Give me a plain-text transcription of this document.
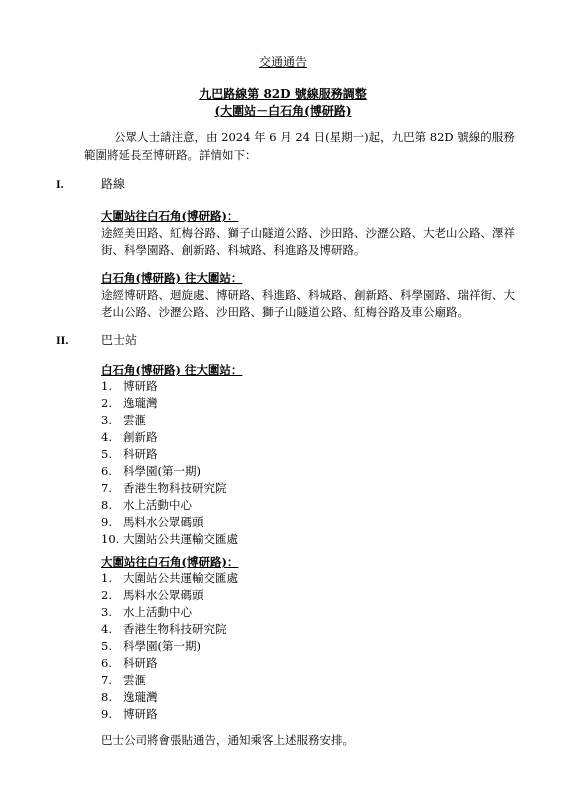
交通通告
九巴路線第 82D 號線服務調整
(大圍站－白石角(博研路)
公眾人士請注意，由 2024 年 6 月 24 日(星期一)起，九巴第 82D 號線的服務範圍將延長至博研路。詳情如下：
I.	路線
大圍站往白石角(博研路)：
途經美田路、紅梅谷路、獅子山隧道公路、沙田路、沙瀝公路、大老山公路、澤祥街、科學園路、創新路、科城路、科進路及博研路。
白石角(博研路) 往大圍站：
途經博研路、迴旋處、博研路、科進路、科城路、創新路、科學園路、瑞祥街、大老山公路、沙瀝公路、沙田路、獅子山隧道公路、紅梅谷路及車公廟路。
II.	巴士站
白石角(博研路) 往大圍站：
1. 博研路
2. 逸瓏灣
3. 雲滙
4. 創新路
5. 科研路
6. 科學園(第一期)
7. 香港生物科技研究院
8. 水上活動中心
9. 馬料水公眾碼頭
10. 大圍站公共運輸交匯處
大圍站往白石角(博研路)：
1. 大圍站公共運輸交匯處
2. 馬料水公眾碼頭
3. 水上活動中心
4. 香港生物科技研究院
5. 科學園(第一期)
6. 科研路
7. 雲滙
8. 逸瓏灣
9. 博研路
巴士公司將會張貼通告，通知乘客上述服務安排。
